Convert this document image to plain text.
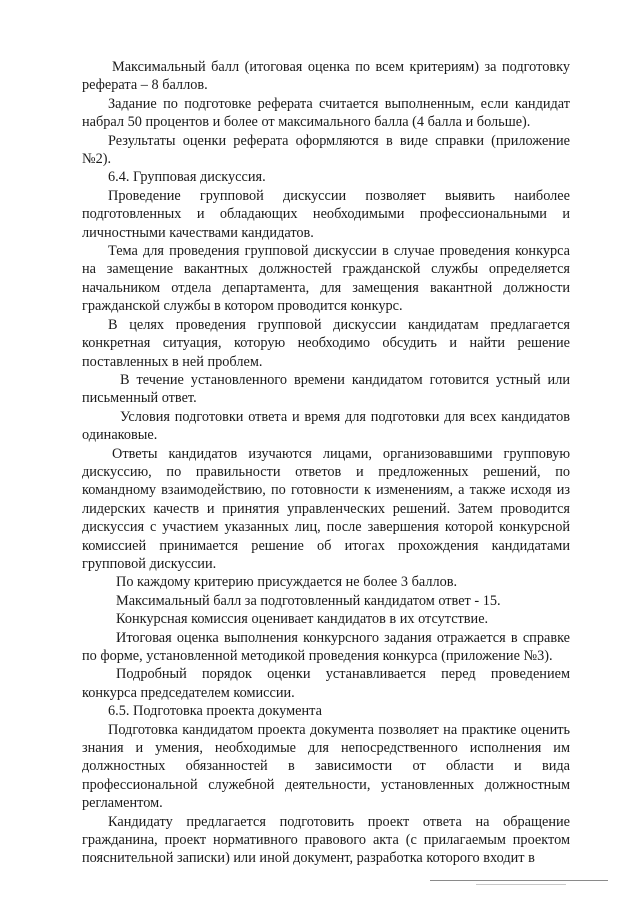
Максимальный балл (итоговая оценка по всем критериям) за подготовку реферата – 8 баллов.

Задание по подготовке реферата считается выполненным, если кандидат набрал 50 процентов и более от максимального балла (4 балла и больше).

Результаты оценки реферата оформляются в виде справки (приложение №2).

6.4. Групповая дискуссия.

Проведение групповой дискуссии позволяет выявить наиболее подготовленных и обладающих необходимыми профессиональными и личностными качествами кандидатов.

Тема для проведения групповой дискуссии в случае проведения конкурса на замещение вакантных должностей гражданской службы определяется начальником отдела департамента, для замещения вакантной должности гражданской службы в котором проводится конкурс.

В целях проведения групповой дискуссии кандидатам предлагается конкретная ситуация, которую необходимо обсудить и найти решение поставленных в ней проблем.

В течение установленного времени кандидатом готовится устный или письменный ответ.

Условия подготовки ответа и время для подготовки для всех кандидатов одинаковые.

Ответы кандидатов изучаются лицами, организовавшими групповую дискуссию, по правильности ответов и предложенных решений, по командному взаимодействию, по готовности к изменениям, а также исходя из лидерских качеств и принятия управленческих решений. Затем проводится дискуссия с участием указанных лиц, после завершения которой конкурсной комиссией принимается решение об итогах прохождения кандидатами групповой дискуссии.

По каждому критерию присуждается не более 3 баллов.

Максимальный балл за подготовленный кандидатом ответ - 15.

Конкурсная комиссия оценивает кандидатов в их отсутствие.

Итоговая оценка выполнения конкурсного задания отражается в справке по форме, установленной методикой проведения конкурса (приложение №3).

Подробный порядок оценки устанавливается перед проведением конкурса председателем комиссии.

6.5. Подготовка проекта документа

Подготовка кандидатом проекта документа позволяет на практике оценить знания и умения, необходимые для непосредственного исполнения им должностных обязанностей в зависимости от области и вида профессиональной служебной деятельности, установленных должностным регламентом.

Кандидату предлагается подготовить проект ответа на обращение гражданина, проект нормативного правового акта (с прилагаемым проектом пояснительной записки) или иной документ, разработка которого входит в
